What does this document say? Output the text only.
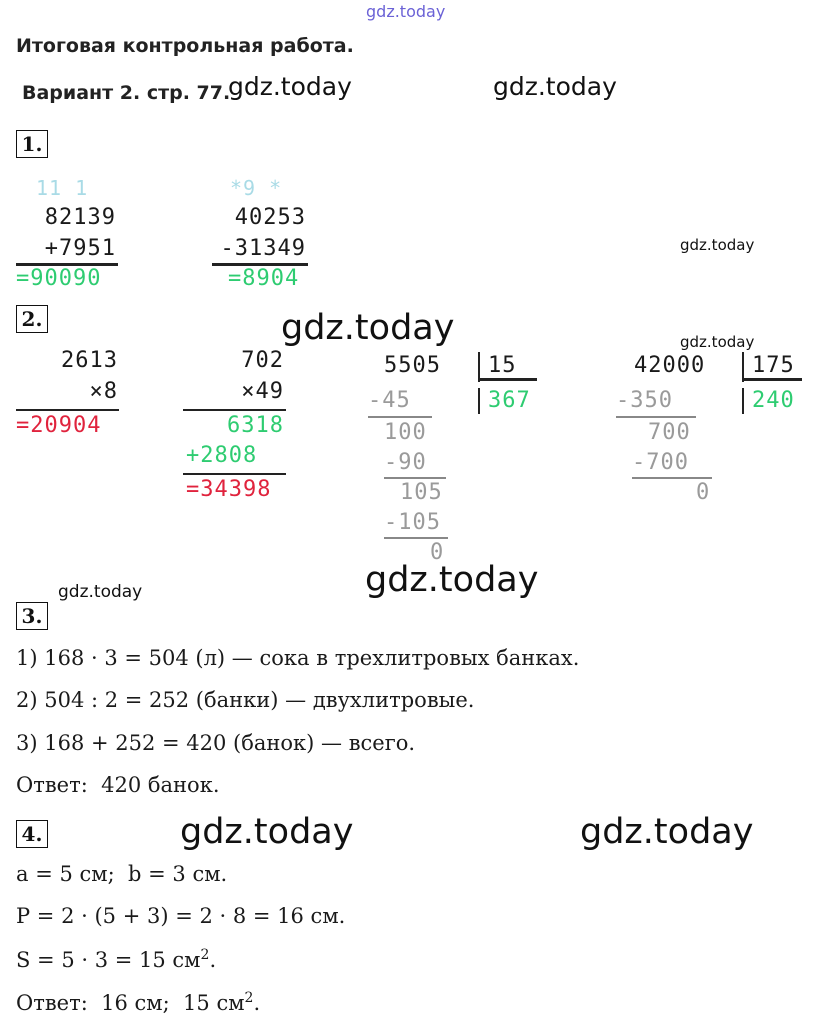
gdz.today
gdz.today	gdz.today
gdz.today
gdz.today	gdz.today
gdz.today
gdz.today
gdz.today	gdz.today
Итоговая контрольная работа.
Вариант 2. стр. 77.
1.
11 1
82139
+7951
=90090
*9 *
40253
-31349
=8904
2.
2613
×8
=20904
702
×49
6318
+2808
=34398
5505 15
367
-45
100
-90
105
-105
0
42000 175
240
-350
700
-700
0
3.
1) 168 · 3 = 504 (л) — сока в трехлитровых банках.
2) 504 : 2 = 252 (банки) — двухлитровые.
3) 168 + 252 = 420 (банок) — всего.
Ответ:  420 банок.
4.
a = 5 см;  b = 3 см.
P = 2 · (5 + 3) = 2 · 8 = 16 см.
S = 5 · 3 = 15 $см^2$.
Ответ:  16 см;  15 $см^2$.
